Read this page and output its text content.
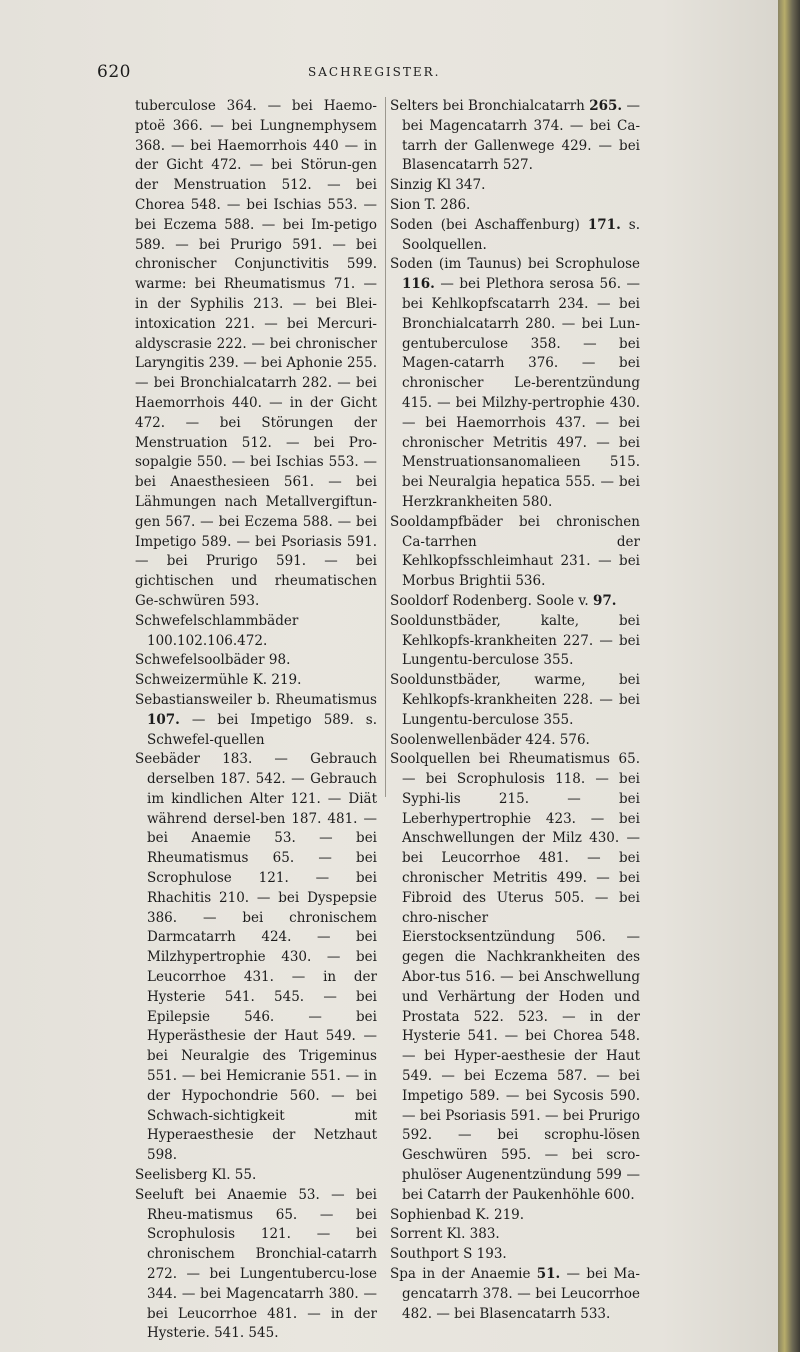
620	SACHREGISTER.

tuberculose 364. — bei Haemo-ptoë 366. — bei Lungnemphysem 368. — bei Haemorrhois 440 — in der Gicht 472. — bei Störun-gen der Menstruation 512. — bei Chorea 548. — bei Ischias 553. — bei Eczema 588. — bei Im-petigo 589. — bei Prurigo 591. — bei chronischer Conjunctivitis 599. warme: bei Rheumatismus 71. — in der Syphilis 213. — bei Blei-intoxication 221. — bei Mercuri-aldyscrasie 222. — bei chronischer Laryngitis 239. — bei Aphonie 255. — bei Bronchialcatarrh 282. — bei Haemorrhois 440. — in der Gicht 472. — bei Störungen der Menstruation 512. — bei Pro-sopalgie 550. — bei Ischias 553. — bei Anaesthesieen 561. — bei Lähmungen nach Metallvergiftun-gen 567. — bei Eczema 588. — bei Impetigo 589. — bei Psoriasis 591. — bei Prurigo 591. — bei gichtischen und rheumatischen Ge-schwüren 593.

Schwefelschlammbäder 100.102.106.472.

Schwefelsoolbäder 98.

Schweizermühle K. 219.

Sebastiansweiler b. Rheumatismus 107. — bei Impetigo 589. s. Schwefel-quellen

Seebäder 183. — Gebrauch derselben 187. 542. — Gebrauch im kindlichen Alter 121. — Diät während dersel-ben 187. 481. — bei Anaemie 53. — bei Rheumatismus 65. — bei Scrophulose 121. — bei Rhachitis 210. — bei Dyspepsie 386. — bei chronischem Darmcatarrh 424. — bei Milzhypertrophie 430. — bei Leucorrhoe 431. — in der Hysterie 541. 545. — bei Epilepsie 546. — bei Hyperästhesie der Haut 549. — bei Neuralgie des Trigeminus 551. — bei Hemicranie 551. — in der Hypochondrie 560. — bei Schwach-sichtigkeit mit Hyperaesthesie der Netzhaut 598.

Seelisberg Kl. 55.

Seeluft bei Anaemie 53. — bei Rheu-matismus 65. — bei Scrophulosis 121. — bei chronischem Bronchial-catarrh 272. — bei Lungentubercu-lose 344. — bei Magencatarrh 380. — bei Leucorrhoe 481. — in der Hysterie. 541. 545.

Selters bei Bronchialcatarrh 265. — bei Magencatarrh 374. — bei Ca-tarrh der Gallenwege 429. — bei Blasencatarrh 527.

Sinzig Kl 347.

Sion T. 286.

Soden (bei Aschaffenburg) 171. s. Soolquellen.

Soden (im Taunus) bei Scrophulose 116. — bei Plethora serosa 56. — bei Kehlkopfscatarrh 234. — bei Bronchialcatarrh 280. — bei Lun-gentuberculose 358. — bei Magen-catarrh 376. — bei chronischer Le-berentzündung 415. — bei Milzhy-pertrophie 430. — bei Haemorrhois 437. — bei chronischer Metritis 497. — bei Menstruationsanomalieen 515. bei Neuralgia hepatica 555. — bei Herzkrankheiten 580.

Sooldampfbäder bei chronischen Ca-tarrhen der Kehlkopfsschleimhaut 231. — bei Morbus Brightii 536.

Sooldorf Rodenberg. Soole v. 97.

Sooldunstbäder, kalte, bei Kehlkopfs-krankheiten 227. — bei Lungentu-berculose 355.

Sooldunstbäder, warme, bei Kehlkopfs-krankheiten 228. — bei Lungentu-berculose 355.

Soolenwellenbäder 424. 576.

Soolquellen bei Rheumatismus 65. — bei Scrophulosis 118. — bei Syphi-lis 215. — bei Leberhypertrophie 423. — bei Anschwellungen der Milz 430. — bei Leucorrhoe 481. — bei chronischer Metritis 499. — bei Fibroid des Uterus 505. — bei chro-nischer Eierstocksentzündung 506. — gegen die Nachkrankheiten des Abor-tus 516. — bei Anschwellung und Verhärtung der Hoden und Prostata 522. 523. — in der Hysterie 541. — bei Chorea 548. — bei Hyper-aesthesie der Haut 549. — bei Eczema 587. — bei Impetigo 589. — bei Sycosis 590. — bei Psoriasis 591. — bei Prurigo 592. — bei scrophu-lösen Geschwüren 595. — bei scro-phulöser Augenentzündung 599 — bei Catarrh der Paukenhöhle 600.

Sophienbad K. 219.

Sorrent Kl. 383.

Southport S 193.

Spa in der Anaemie 51. — bei Ma-gencatarrh 378. — bei Leucorrhoe 482. — bei Blasencatarrh 533.
